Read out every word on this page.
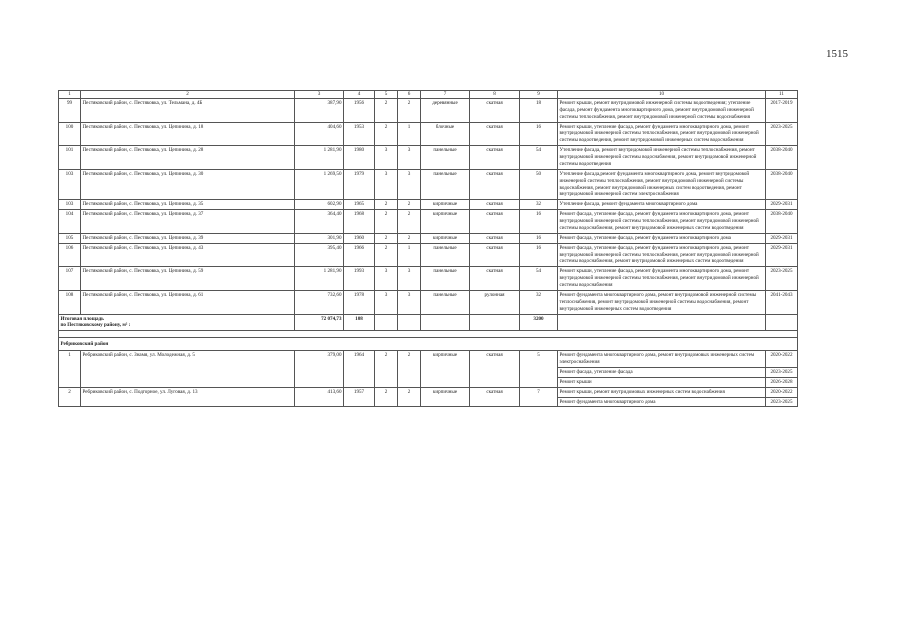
1515
1	2	3	4	5	6	7	8	9	10	11
99	Пестяковский район, с. Пестяковка, ул. Тельмана, д. 4Б	387,90	1956	2	2	деревянные	скатная	18	Ремонт крыши, ремонт внутридомовой инженерной системы водоотведения; утепление фасада, ремонт фундамента многоквартирного дома, ремонт внутридомовой инженерной системы теплоснабжения, ремонт внутридомовой инженерной системы водоснабжения	2017-2019
100	Пестяковский район, с. Пестяковка, ул. Цепинина, д. 18	404,60	1953	2	1	блочные	скатная	16	Ремонт крыши, утепление фасада, ремонт фундамента многоквартирного дома, ремонт внутридомовой инженерной системы теплоснабжения, ремонт внутридомовой инженерной системы водоотведения, ремонт внутридомовой инженерных систем водоснабжения	2023-2025
101	Пестяковский район, с. Пестяковка, ул. Цепинина, д. 28	1 281,90	1980	3	3	панельные	скатная	54	Утепление фасада, ремонт внутридомовой инженерной системы теплоснабжения, ремонт внутридомовой инженерной системы водоснабжения, ремонт внутридомовой инженерной системы водоотведения	2038-2040
103	Пестяковский район, с. Пестяковка, ул. Цепинина, д. 30	1 269,50	1979	3	3	панельные	скатная	50	Утепление фасада,ремонт фундамента многоквартирного дома, ремонт внутридомовой инженерной системы теплоснабжения, ремонт внутридомовой инженерной системы водоснабжения, ремонт внутридомовой инженерных систем водоотведения, ремонт внутридомовой инженерной систем электроснабжения	2038-2040
103	Пестяковский район, с. Пестяковка, ул. Цепинина, д. 35	602,90	1965	2	2	кирпичные	скатная	32	Утепление фасада, ремонт фундамента многоквартирного дома	2029-2031
104	Пестяковский район, с. Пестяковка, ул. Цепинина, д. 37	364,40	1968	2	2	кирпичные	скатная	16	Ремонт фасада, утепление фасада, ремонт фундамента многоквартирного дома, ремонт внутридомовой инженерной системы теплоснабжения, ремонт внутридомовой инженерной системы водоснабжения, ремонт внутридомовой инженерных систем водоотведения	2038-2040
105	Пестяковский район, с. Пестяковка, ул. Цепинина, д. 39	301,90	1960	2	2	кирпичные	скатная	16	Ремонт фасада, утепление фасада, ремонт фундамента многоквартирного дома	2029-2031
106	Пестяковский район, с. Пестяковка, ул. Цепинина, д. 43	395,40	1966	2	1	панельные	скатная	16	Ремонт фасада, утепление фасада, ремонт фундамента многоквартирного дома, ремонт внутридомовой инженерной системы теплоснабжения, ремонт внутридомовой инженерной системы водоснабжения, ремонт внутридомовой инженерных систем водоотведения	2029-2031
107	Пестяковский район, с. Пестяковка, ул. Цепинина, д. 59	1 281,90	1993	3	3	панельные	скатная	54	Ремонт крыши, утепление фасада, ремонт фундамента многоквартирного дома, ремонт внутридомовой инженерной системы теплоснабжения, ремонт внутридомовой инженерной системы водоснабжения	2023-2025
108	Пестяковский район, с. Пестяковка, ул. Цепинина, д. 61	732,60	1978	3	3	панельные	рулонная	32	Ремонт фундамента многоквартирного дома, ремонт внутридомовой инженерной системы теплоснабжения, ремонт внутридомовой инженерной системы водоснабжения, ремонт внутридомовой инженерных систем водоотведения	2041-2043
Итоговая площадь
по Пестяковскому району, м² :		72 074,73	108					3200		

Ребриковский район										
1	Ребриковский район, с. Знамя, ул. Молодежная, д. 5	379,00	1964	2	2	кирпичные	скатная	5	Ремонт фундамента многоквартирного дома, ремонт внутридомовых инженерных систем электроснабжения	2020-2022
									Ремонт фасада, утепление фасада	2023-2025
									Ремонт крыши	2026-2028
2	Ребриковский район, с. Подгорное, ул. Луговая, д. 13	413,60	1957	2	2	кирпичные	скатная	7	Ремонт крыши, ремонт внутридомовых инженерных систем водоснабжения	2020-2022
									Ремонт фундамента многоквартирного дома	2023-2025
